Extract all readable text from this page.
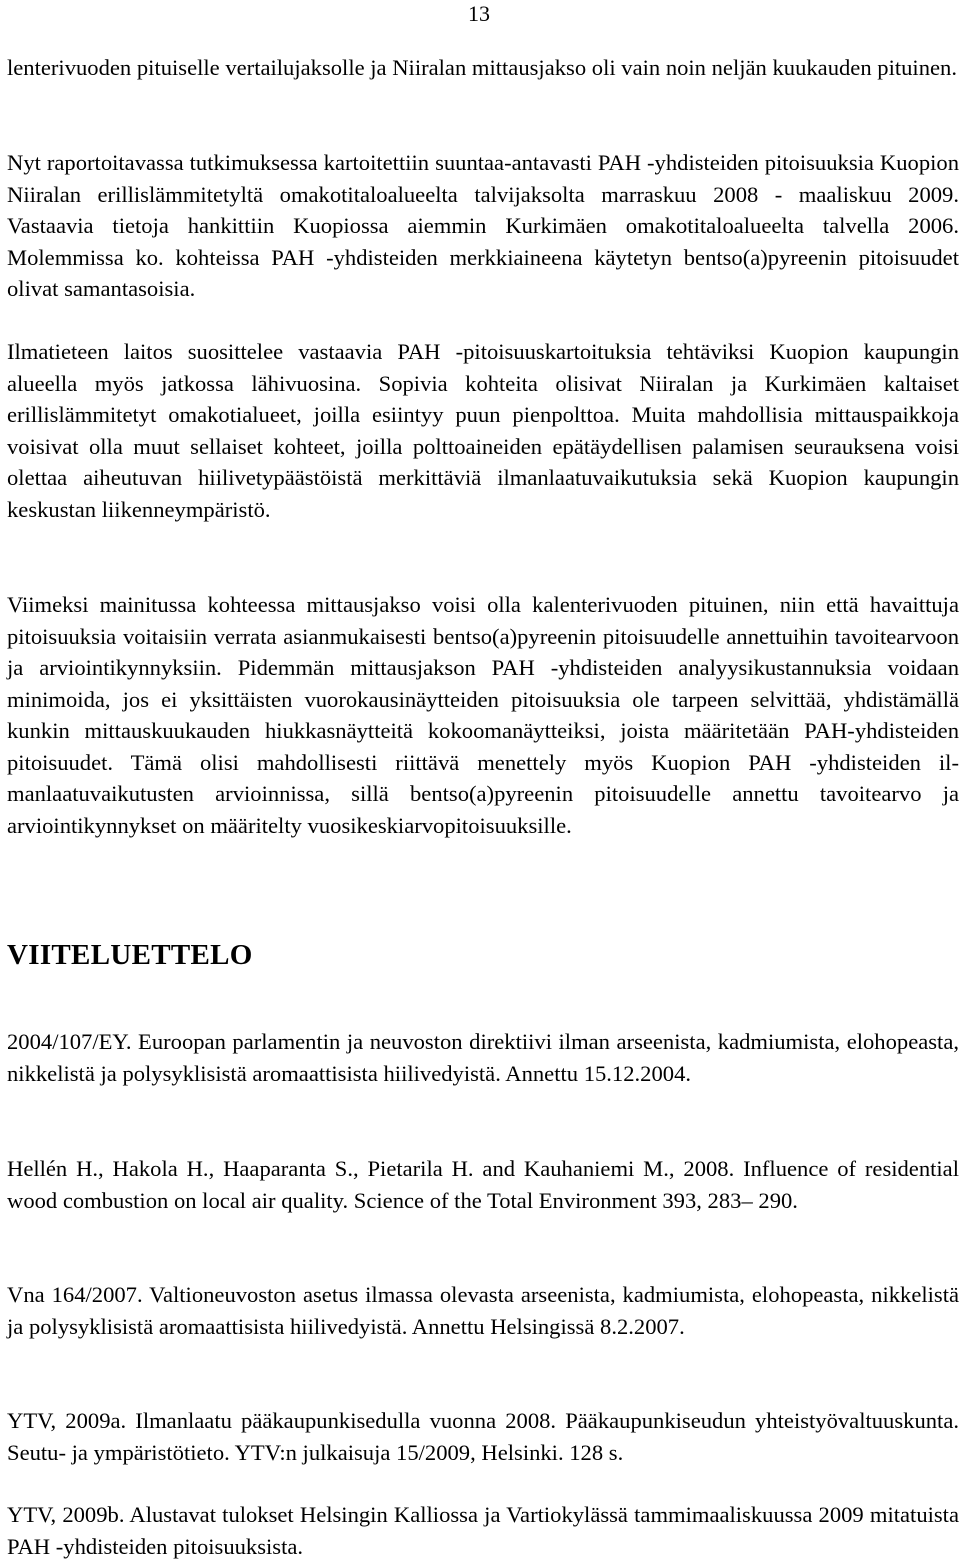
13

lenterivuoden pituiselle vertailujaksolle ja Niiralan mittausjakso oli vain noin neljän kuukauden pituinen.

Nyt raportoitavassa tutkimuksessa kartoitettiin suuntaa-antavasti PAH -yhdisteiden pitoisuuksia Kuopion Niiralan erillislämmitetyltä omakotitaloalueelta talvijaksolta marraskuu 2008 - maaliskuu 2009. Vastaavia tietoja hankittiin Kuopiossa aiemmin Kurkimäen omakotitaloalueelta talvella 2006. Molemmissa ko. kohteissa PAH -yhdisteiden merkkiaineena käytetyn bentso(a)pyreenin pitoisuudet olivat samantasoisia.

Ilmatieteen laitos suosittelee vastaavia PAH -pitoisuuskartoituksia tehtäviksi Kuopion kaupungin alueella myös jatkossa lähivuosina. Sopivia kohteita olisivat Niiralan ja Kurkimäen kaltaiset erillislämmitetyt omakotialueet, joilla esiintyy puun pienpolttoa. Muita mahdollisia mittauspaikkoja voisivat olla muut sellaiset kohteet, joilla polttoaineiden epätäydellisen palamisen seurauksena voisi olettaa aiheutuvan hiilivetypäästöistä merkittäviä ilmanlaatuvaikutuksia sekä Kuopion kaupungin keskustan liikenneympäristö.

Viimeksi mainitussa kohteessa mittausjakso voisi olla kalenterivuoden pituinen, niin että havaittuja pitoisuuksia voitaisiin verrata asianmukaisesti bentso(a)pyreenin pitoisuudelle annettuihin tavoitearvoon ja arviointikynnyksiin. Pidemmän mittausjakson PAH -yhdisteiden analyysikustannuksia voidaan minimoida, jos ei yksittäisten vuorokausinäytteiden pitoisuuksia ole tarpeen selvittää, yhdistämällä kunkin mittauskuukauden hiukkasnäytteitä kokoomanäytteiksi, joista määritetään PAH-yhdisteiden pitoisuudet. Tämä olisi mahdollisesti riittävä menettely myös Kuopion PAH -yhdisteiden ilmanlaatuvaikutusten arvioinnissa, sillä bentso(a)pyreenin pitoisuudelle annettu tavoitearvo ja arviointikynnykset on määritelty vuosikeskiarvopitoisuuksille.

VIITELUETTELO

2004/107/EY. Euroopan parlamentin ja neuvoston direktiivi ilman arseenista, kadmiumista, elohopeasta, nikkelistä ja polysyklisistä aromaattisista hiilivedyistä. Annettu 15.12.2004.

Hellén H., Hakola H., Haaparanta S., Pietarila H. and Kauhaniemi M., 2008. Influence of residential wood combustion on local air quality. Science of the Total Environment 393, 283– 290.

Vna 164/2007. Valtioneuvoston asetus ilmassa olevasta arseenista, kadmiumista, elohopeasta, nikkelistä ja polysyklisistä aromaattisista hiilivedyistä. Annettu Helsingissä 8.2.2007.

YTV, 2009a. Ilmanlaatu pääkaupunkisedulla vuonna 2008. Pääkaupunkiseudun yhteistyövaltuuskunta. Seutu- ja ympäristötieto. YTV:n julkaisuja 15/2009, Helsinki. 128 s.

YTV, 2009b. Alustavat tulokset Helsingin Kalliossa ja Vartiokylässä tammimaaliskuussa 2009 mitatuista PAH -yhdisteiden pitoisuuksista.
